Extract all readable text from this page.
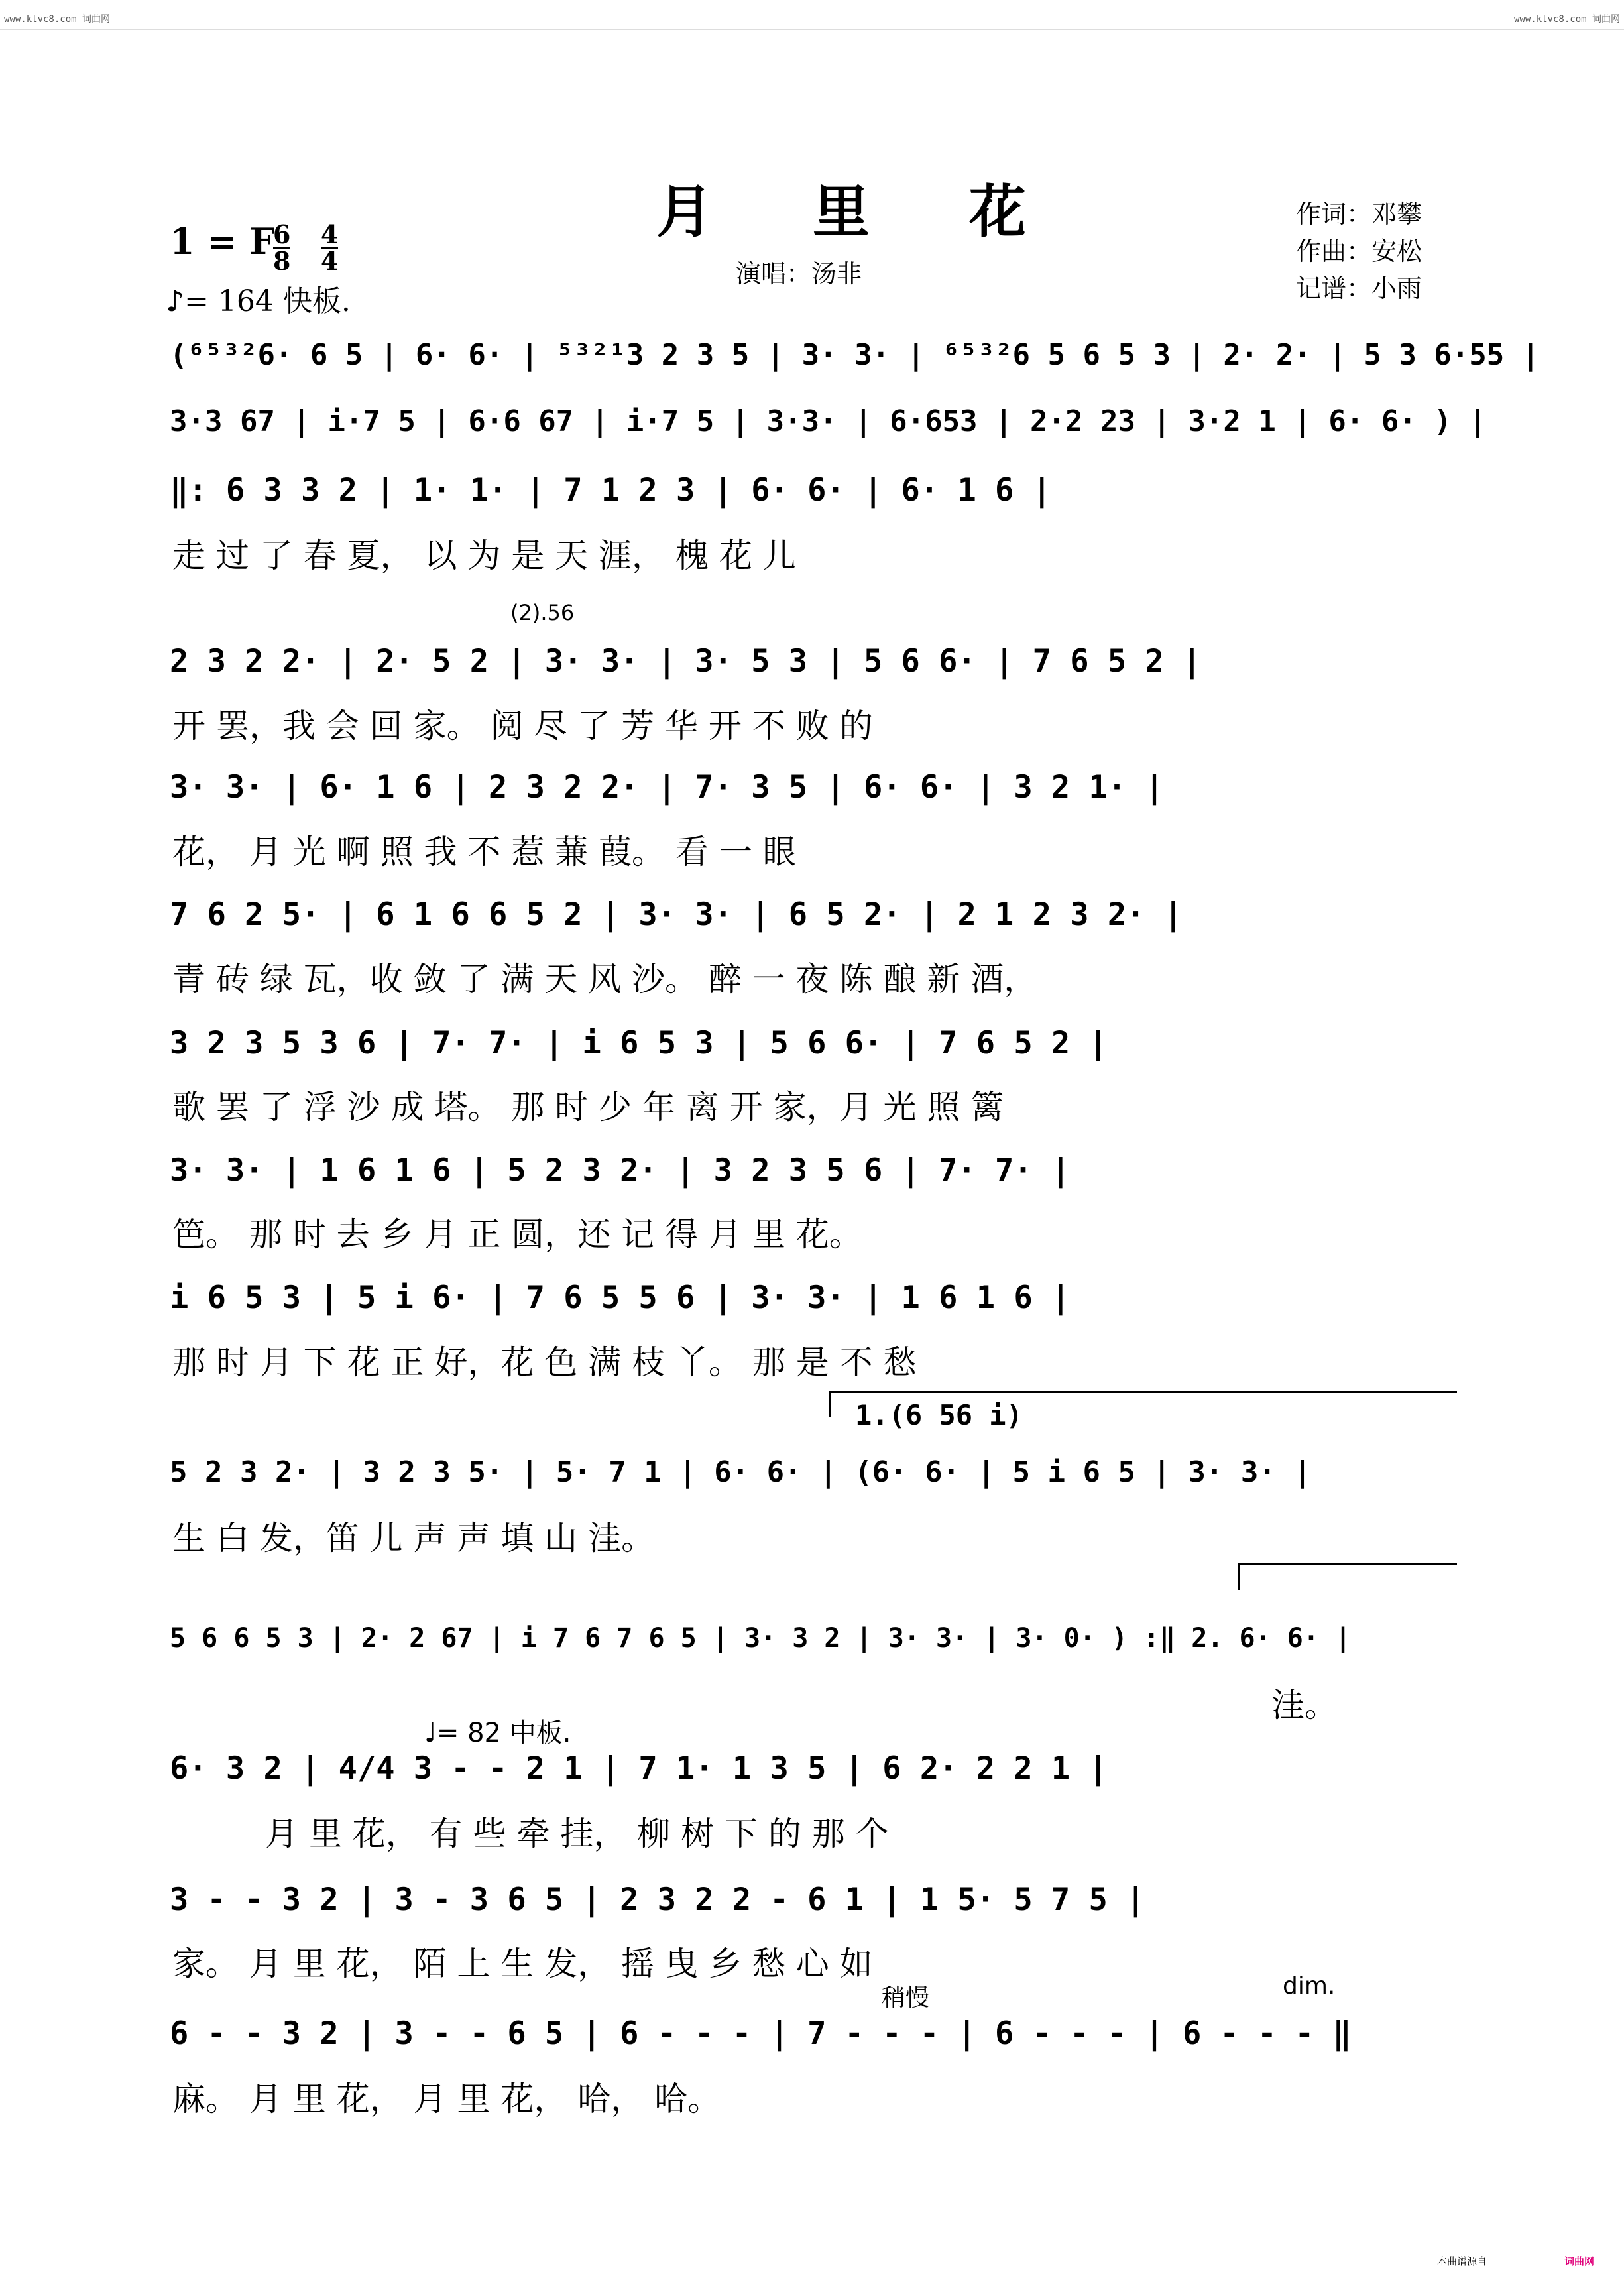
www.ktvc8.com 词曲网	www.ktvc8.com 词曲网
月 里 花
1 = F
6
8
4
4
♪= 164 快板.
演唱：汤非
作词：邓攀
作曲：安松
记谱：小雨
(⁶⁵³²6· 6 5 | 6· 6· | ⁵³²¹3 2 3 5 | 3· 3· | ⁶⁵³²6 5 6 5 3 | 2· 2· | 5 3 6·55 |
3·3 67 | i·7 5 | 6·6 67 | i·7 5 | 3·3· | 6·653 | 2·2 23 | 3·2 1 | 6· 6· ) |
‖: 6 3 3 2 | 1· 1· | 7 1 2 3 | 6· 6· | 6· 1 6 |
走 过 了 春 夏， 以 为 是 天 涯， 槐 花 儿
(2).56
2 3 2 2· | 2· 5 2 | 3· 3· | 3· 5 3 | 5 6 6· | 7 6 5 2 |
开 罢，我 会 回 家。 阅 尽 了 芳 华 开 不 败 的
3· 3· | 6· 1 6 | 2 3 2 2· | 7· 3 5 | 6· 6· | 3 2 1· |
花， 月 光 啊 照 我 不 惹 蒹 葭。 看 一 眼
7 6 2 5· | 6 1 6 6 5 2 | 3· 3· | 6 5 2· | 2 1 2 3 2· |
青 砖 绿 瓦，收 敛 了 满 天 风 沙。 醉 一 夜 陈 酿 新 酒，
3 2 3 5 3 6 | 7· 7· | i 6 5 3 | 5 6 6· | 7 6 5 2 |
歌 罢 了 浮 沙 成 塔。 那 时 少 年 离 开 家，月 光 照 篱
3· 3· | 1 6 1 6 | 5 2 3 2· | 3 2 3 5 6 | 7· 7· |
笆。 那 时 去 乡 月 正 圆，还 记 得 月 里 花。
i 6 5 3 | 5 i 6· | 7 6 5 5 6 | 3· 3· | 1 6 1 6 |
那 时 月 下 花 正 好，花 色 满 枝 丫。 那 是 不 愁
1.(6 56 i)
5 2 3 2· | 3 2 3 5· | 5· 7 1 | 6· 6· | (6· 6· | 5 i 6 5 | 3· 3· |
生 白 发，笛 儿 声 声 填 山 洼。
5 6 6 5 3 | 2· 2 67 | i 7 6 7 6 5 | 3· 3 2 | 3· 3· | 3· 0· ) :‖ 2. 6· 6· |
洼。
♩= 82 中板.
6· 3 2 | 4/4 3 - - 2 1 | 7 1· 1 3 5 | 6 2· 2 2 1 |
月 里 花， 有 些 牵 挂， 柳 树 下 的 那 个
3 - - 3 2 | 3 - 3 6 5 | 2 3 2 2 - 6 1 | 1 5· 5 7 5 |
家。 月 里 花， 陌 上 生 发， 摇 曳 乡 愁 心 如
稍慢	dim.
6 - - 3 2 | 3 - - 6 5 | 6 - - - | 7 - - - | 6 - - - | 6 - - - ‖
麻。 月 里 花， 月 里 花， 哈， 哈。
本曲谱源自	词曲网
